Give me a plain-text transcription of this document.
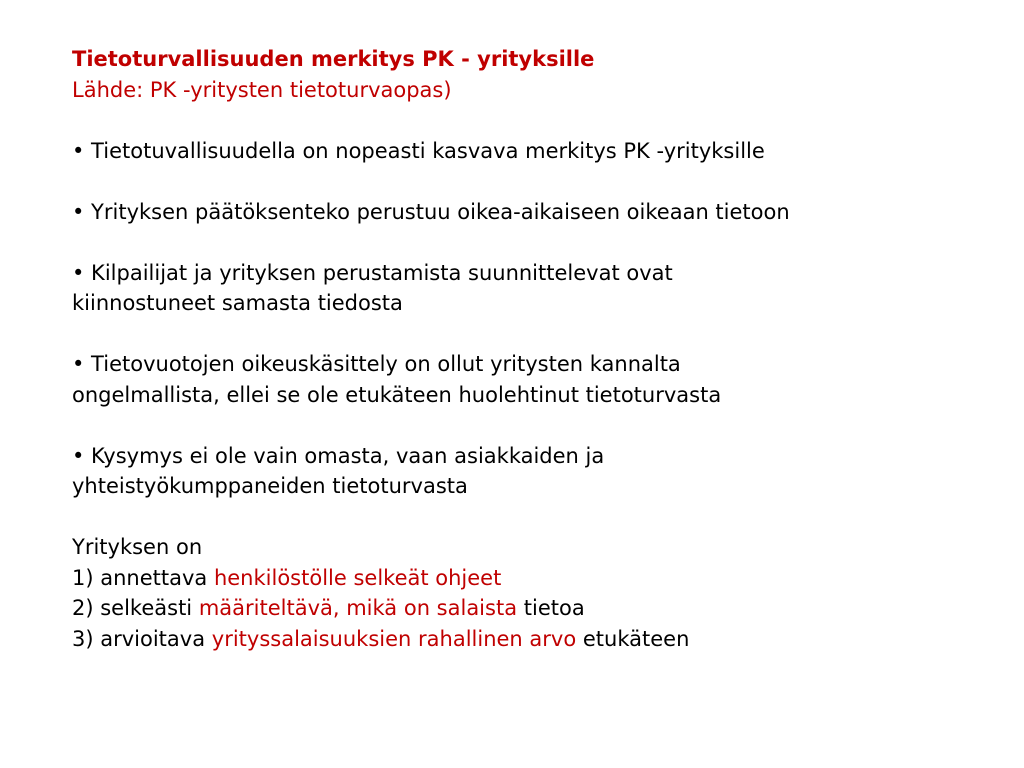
Tietoturvallisuuden merkitys PK - yrityksille
Lähde: PK -yritysten tietoturvaopas)
• Tietotuvallisuudella on nopeasti kasvava merkitys PK -yrityksille
• Yrityksen päätöksenteko perustuu oikea-aikaiseen oikeaan tietoon
• Kilpailijat ja yrityksen perustamista suunnittelevat ovat
kiinnostuneet samasta tiedosta
• Tietovuotojen oikeuskäsittely on ollut yritysten kannalta
ongelmallista, ellei se ole etukäteen huolehtinut tietoturvasta
• Kysymys ei ole vain omasta, vaan asiakkaiden ja
yhteistyökumppaneiden tietoturvasta
Yrityksen on
1) annettava henkilöstölle selkeät ohjeet
2) selkeästi määriteltävä, mikä on salaista tietoa
3) arvioitava yrityssalaisuuksien rahallinen arvo etukäteen
